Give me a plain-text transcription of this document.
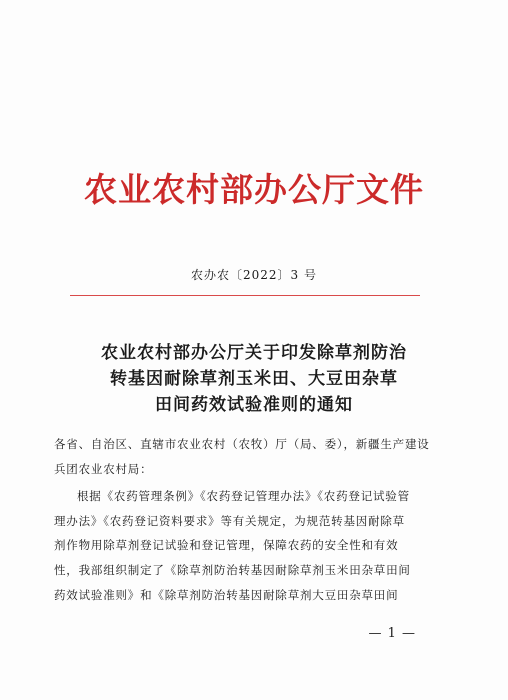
农业农村部办公厅文件
农办农〔2022〕3 号
农业农村部办公厅关于印发除草剂防治
转基因耐除草剂玉米田、大豆田杂草
田间药效试验准则的通知
各省、自治区、直辖市农业农村（农牧）厅（局、委），新疆生产建设
兵团农业农村局：
根据《农药管理条例》《农药登记管理办法》《农药登记试验管
理办法》《农药登记资料要求》等有关规定，为规范转基因耐除草
剂作物用除草剂登记试验和登记管理，保障农药的安全性和有效
性，我部组织制定了《除草剂防治转基因耐除草剂玉米田杂草田间
药效试验准则》和《除草剂防治转基因耐除草剂大豆田杂草田间
— 1 —
